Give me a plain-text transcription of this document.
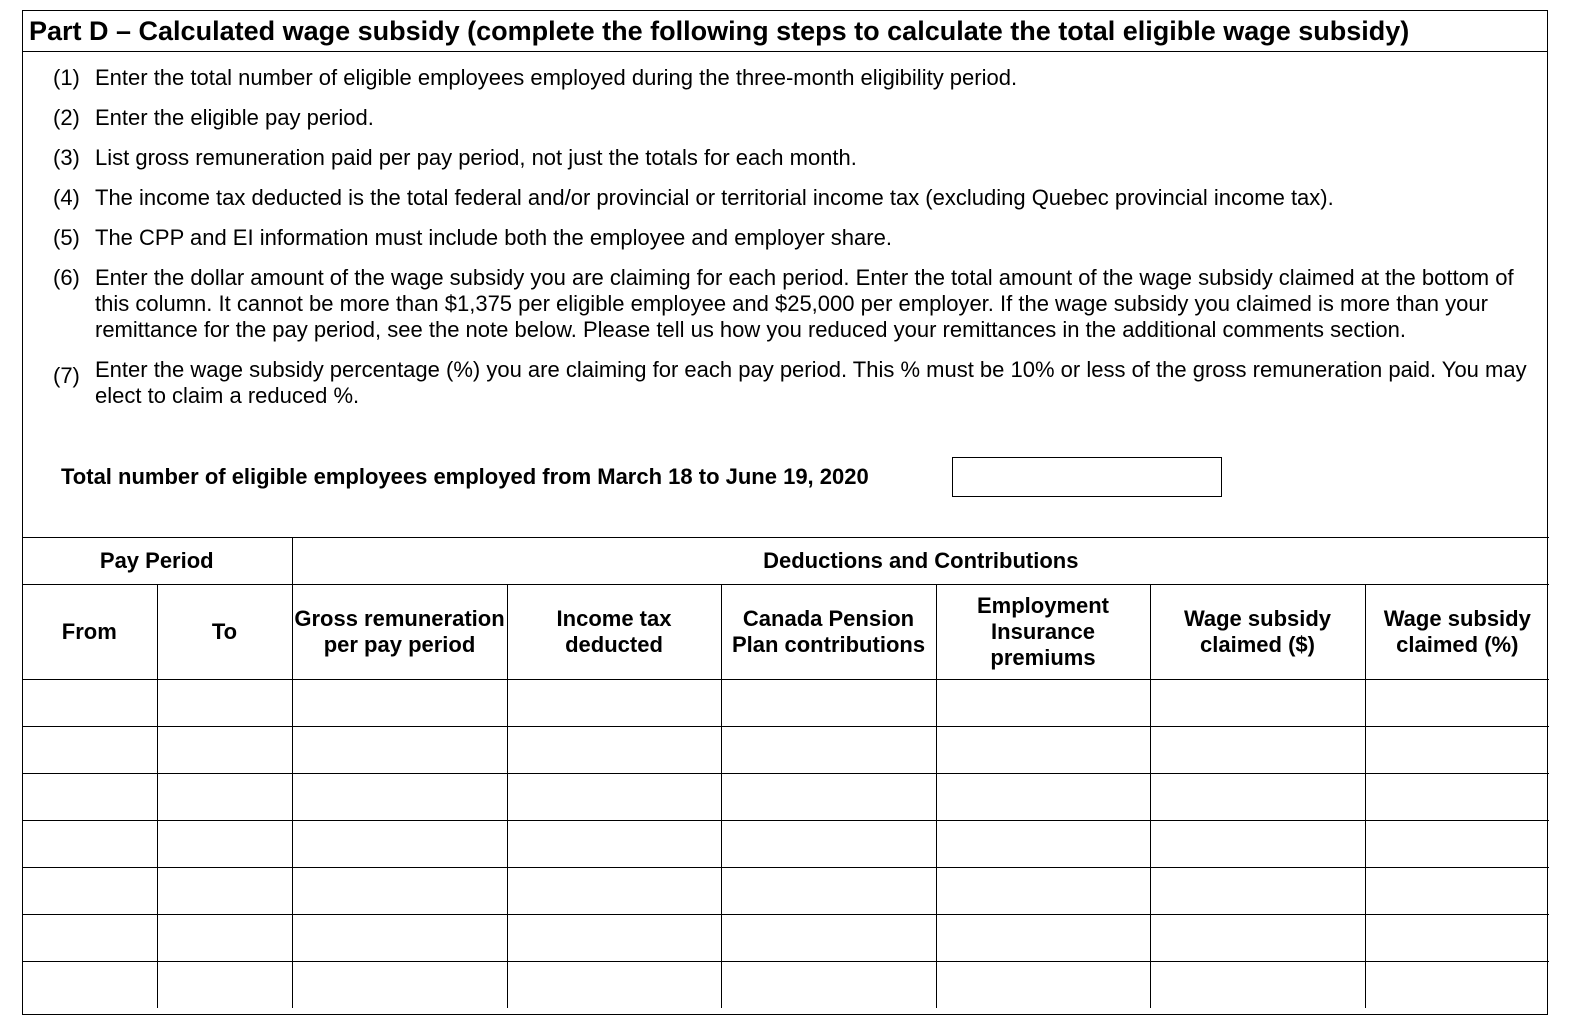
Part D – Calculated wage subsidy (complete the following steps to calculate the total eligible wage subsidy)
(1) Enter the total number of eligible employees employed during the three-month eligibility period.
(2) Enter the eligible pay period.
(3) List gross remuneration paid per pay period, not just the totals for each month.
(4) The income tax deducted is the total federal and/or provincial or territorial income tax (excluding Quebec provincial income tax).
(5) The CPP and EI information must include both the employee and employer share.
(6) Enter the dollar amount of the wage subsidy you are claiming for each period. Enter the total amount of the wage subsidy claimed at the bottom of this column. It cannot be more than $1,375 per eligible employee and $25,000 per employer. If the wage subsidy you claimed is more than your remittance for the pay period, see the note below. Please tell us how you reduced your remittances in the additional comments section.
(7) Enter the wage subsidy percentage (%) you are claiming for each pay period. This % must be 10% or less of the gross remuneration paid. You may elect to claim a reduced %.
Total number of eligible employees employed from March 18 to June 19, 2020
Pay Period		Deductions and Contributions					
From	To	Gross remuneration per pay period	Income tax deducted	Canada Pension Plan contributions	Employment Insurance premiums	Wage subsidy claimed ($)	Wage subsidy claimed (%)
